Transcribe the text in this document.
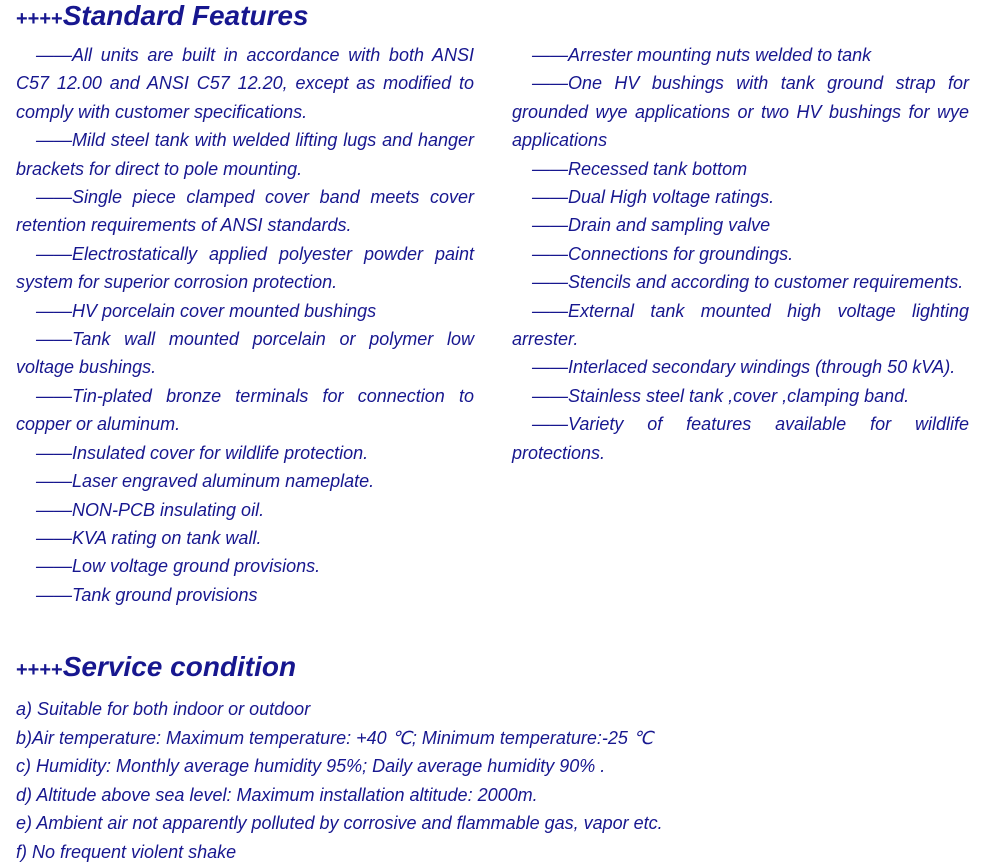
++++Standard Features

——All units are built in accordance with both ANSI C57 12.00 and ANSI C57 12.20, except as modified to comply with customer specifications.

——Mild steel tank with welded lifting lugs and hanger brackets for direct to pole mounting.

——Single piece clamped cover band meets cover retention requirements of ANSI standards.

——Electrostatically applied polyester powder paint system for superior corrosion protection.

——HV porcelain cover mounted bushings

——Tank wall mounted porcelain or polymer low voltage bushings.

——Tin-plated bronze terminals for connection to copper or aluminum.

——Insulated cover for wildlife protection.

——Laser engraved aluminum nameplate.

——NON-PCB insulating oil.

——KVA rating on tank wall.

——Low voltage ground provisions.

——Tank ground provisions

——Arrester mounting nuts welded to tank

——One HV bushings with tank ground strap for grounded wye applications or two HV bushings for wye applications

——Recessed tank bottom

——Dual High voltage ratings.

——Drain and sampling valve

——Connections for groundings.

——Stencils and according to customer requirements.

——External tank mounted high voltage lighting arrester.

——Interlaced secondary windings (through 50 kVA).

——Stainless steel tank ,cover ,clamping band.

——Variety of features available for wildlife protections.

++++Service condition

a) Suitable for both indoor or outdoor

b)Air temperature: Maximum temperature: +40 ℃; Minimum temperature:-25 ℃

c) Humidity: Monthly average humidity 95%; Daily average humidity 90% .

d) Altitude above sea level: Maximum installation altitude: 2000m.

e) Ambient air not apparently polluted by corrosive and flammable gas, vapor etc.

f) No frequent violent shake
